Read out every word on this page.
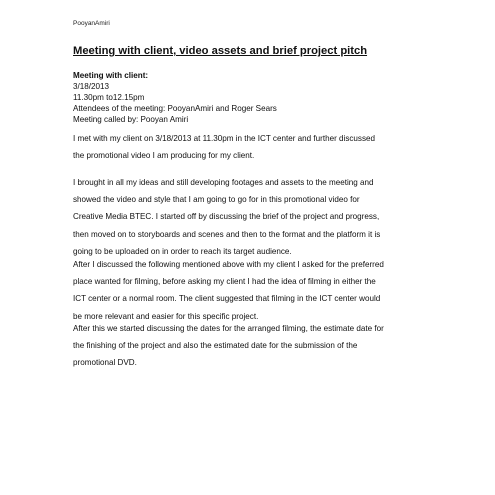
PooyanAmiri
Meeting with client, video assets and brief project pitch
Meeting with client:
3/18/2013
11.30pm to12.15pm
Attendees of the meeting: PooyanAmiri and Roger Sears
Meeting called by: Pooyan Amiri
I met with my client on 3/18/2013 at 11.30pm in the ICT center and further discussed
the promotional video I am producing for my client.
I brought in all my ideas and still developing footages and assets to the meeting and
showed the video and style that I am going to go for in this promotional video for
Creative Media BTEC. I started off by discussing the brief of the project and progress,
then moved on to storyboards and scenes and then to the format and the platform it is
going to be uploaded on in order to reach its target audience.
After I discussed the following mentioned above with my client I asked for the preferred
place wanted for filming, before asking my client I had the idea of filming in either the
ICT center or a normal room. The client suggested that filming in the ICT center would
be more relevant and easier for this specific project.
After this we started discussing the dates for the arranged filming, the estimate date for
the finishing of the project and also the estimated date for the submission of the
promotional DVD.
